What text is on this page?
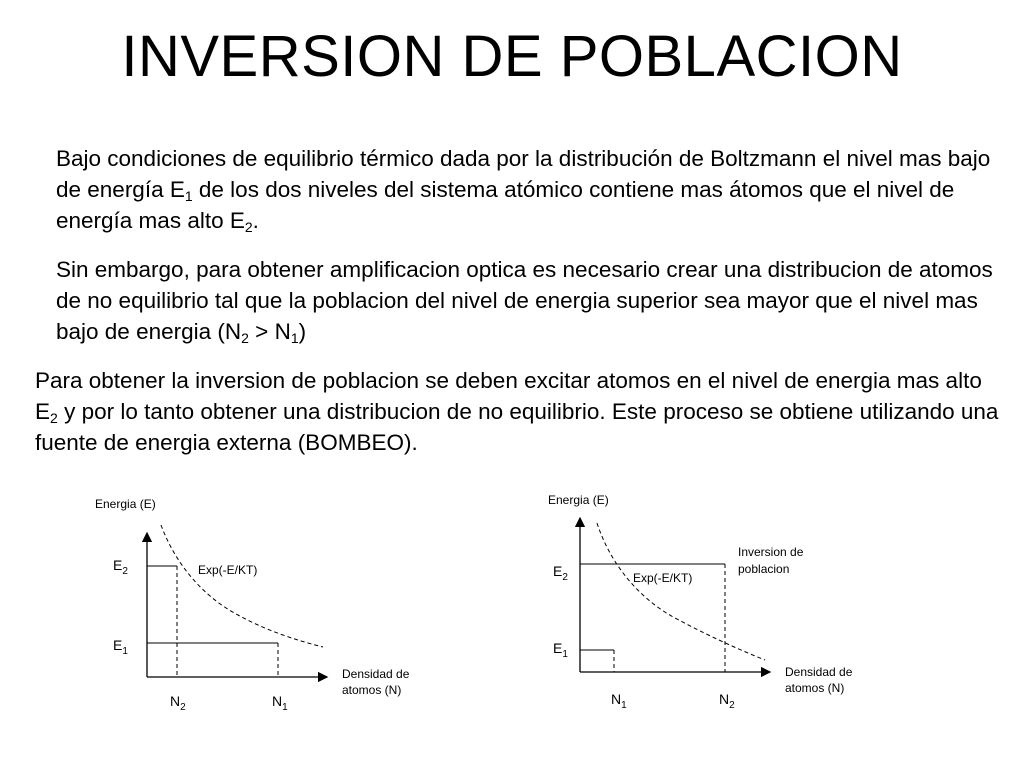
INVERSION DE POBLACION
Bajo condiciones de equilibrio térmico dada por la distribución de Boltzmann el nivel mas bajo de energía $E_1$ de los dos niveles del sistema atómico contiene mas átomos que el nivel de energía mas alto $E_2$.
Sin embargo, para obtener amplificacion optica es necesario crear una distribucion de atomos de no equilibrio tal que la poblacion del nivel de energia superior sea mayor que el nivel mas bajo de energia $(N_2 > N_1)$
Para obtener la inversion de poblacion se deben excitar atomos en el nivel de energia mas alto $E_2$ y por lo tanto obtener una distribucion de no equilibrio. Este proceso se obtiene utilizando una fuente de energia externa (BOMBEO).
Energia (E)
Densidad de
atomos (N)
Exp(-E/KT)
$E_2$
$E_1$
$N_2$	$N_1$
Energia (E)
Densidad de
atomos (N)
Exp(-E/KT)
Inversion de
poblacion
$E_2$
$E_1$
$N_1$	$N_2$
